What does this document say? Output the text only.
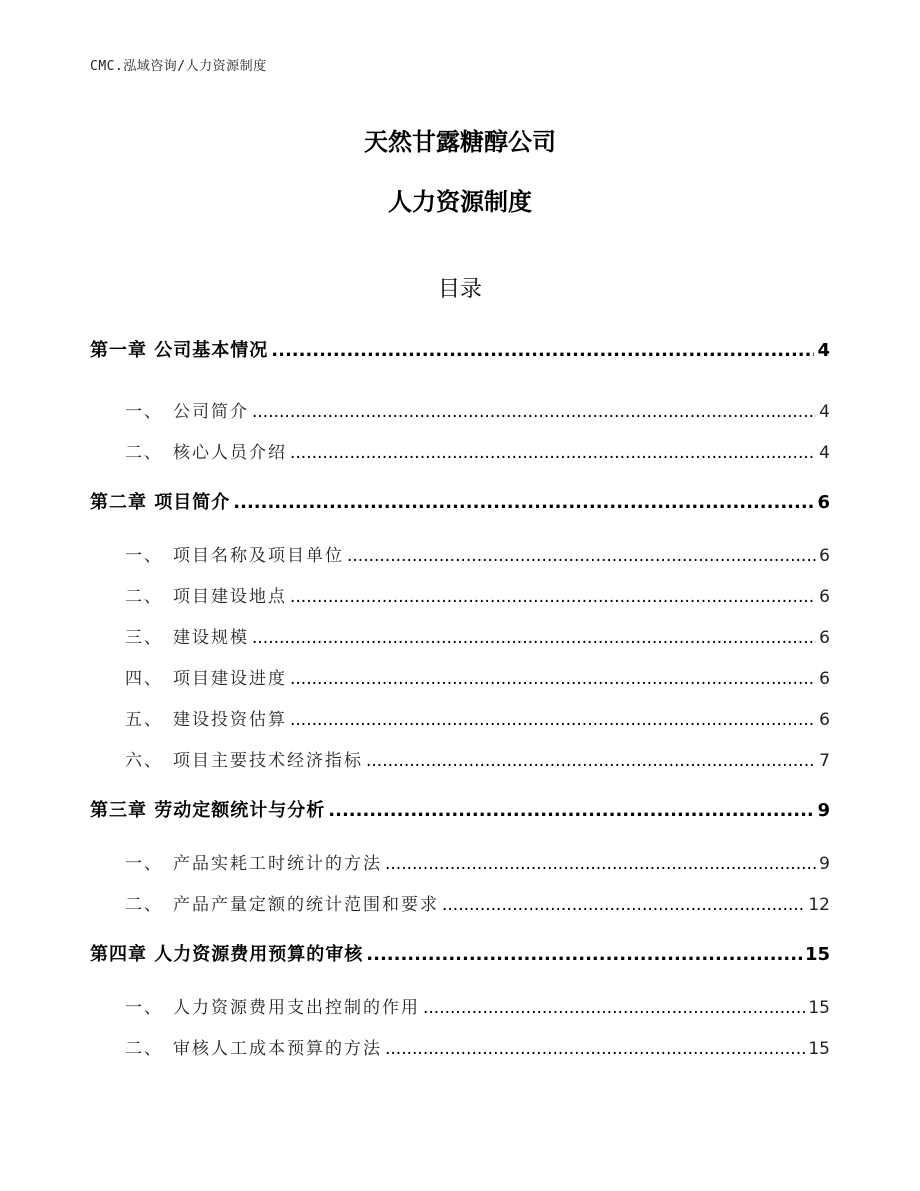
CMC.泓域咨询/人力资源制度
天然甘露糖醇公司
人力资源制度
目录
第一章 公司基本情况 .....	4
一、 公司简介 .....	4
二、 核心人员介绍 .....	4
第二章 项目简介 .....	6
一、 项目名称及项目单位 .....	6
二、 项目建设地点 .....	6
三、 建设规模 .....	6
四、 项目建设进度 .....	6
五、 建设投资估算 .....	6
六、 项目主要技术经济指标 .....	7
第三章 劳动定额统计与分析 .....	9
一、 产品实耗工时统计的方法 .....	9
二、 产品产量定额的统计范围和要求 .....	12
第四章 人力资源费用预算的审核 .....	15
一、 人力资源费用支出控制的作用 .....	15
二、 审核人工成本预算的方法 .....	15
